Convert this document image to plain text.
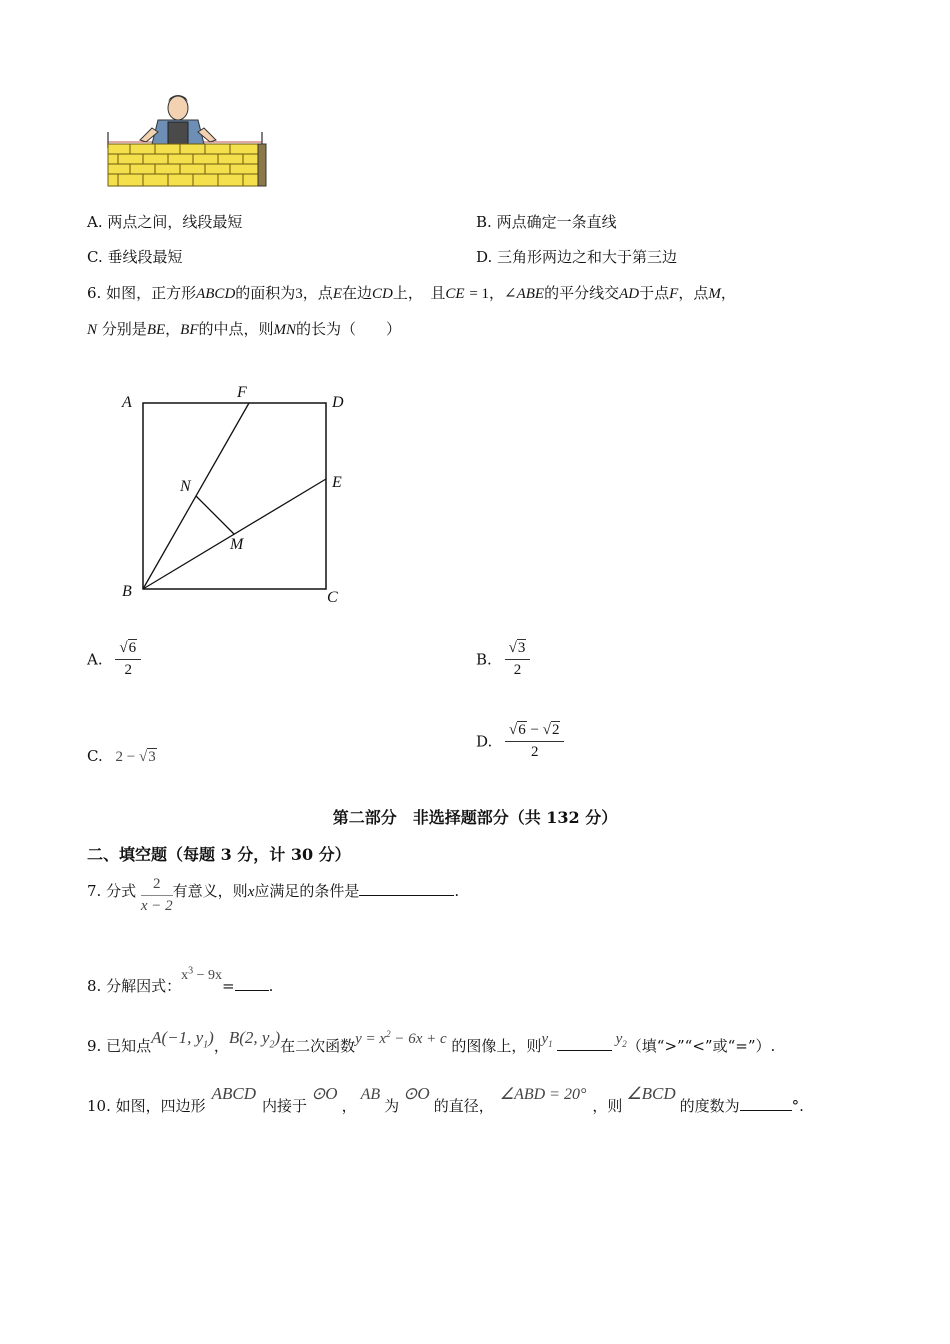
A. 两点之间，线段最短	B. 两点确定一条直线
C. 垂线段最短	D. 三角形两边之和大于第三边
6. 如图，正方形ABCD的面积为3，点E在边CD上，　且CE = 1，∠ABE的平分线交AD于点F，点M，
N 分别是BE，BF的中点，则MN的长为（　　）
A
F
D
N	E
M
B	C
A. $\frac{√6}{2}$	B. $\frac{√3}{2}$
C. 2 − √3
D. $\frac{√6 - √2}{2}$
第二部分　非选择题部分（共 132 分）
二、填空题（每题 3 分，计 30 分）
7. 分式 $\frac{2}{x - 2}$ 有意义，则x应满足的条件是	.
8. 分解因式：$x^3 - 9x=$ .
9. 已知点A(−1, $y_1$)，B(2, $y_2$)在二次函数$y = x^2 - 6x + c$ 的图像上，则$y_1$	$y_2$（填“>”“<”或“=”）.
10. 如图，四边形ABCD内接于⊙O，AB为⊙O的直径，∠ABD = 20°，则∠BCD的度数为	°.
